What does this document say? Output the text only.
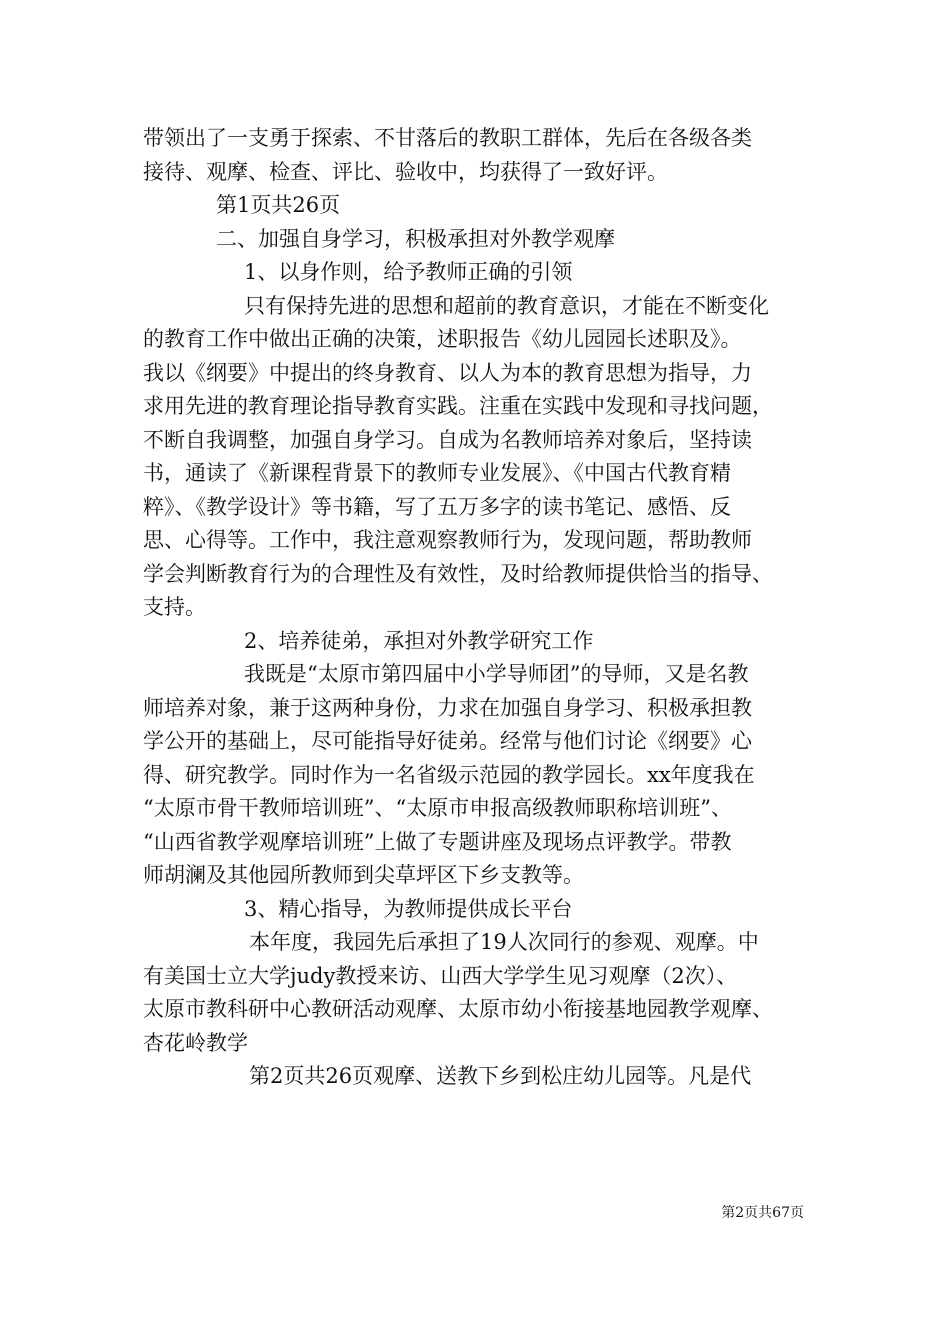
带领出了一支勇于探索、不甘落后的教职工群体，先后在各级各类
接待、观摩、检查、评比、验收中，均获得了一致好评。
第1页共26页
二、加强自身学习，积极承担对外教学观摩
1、以身作则，给予教师正确的引领
只有保持先进的思想和超前的教育意识，才能在不断变化
的教育工作中做出正确的决策，述职报告《幼儿园园长述职及》。
我以《纲要》中提出的终身教育、以人为本的教育思想为指导，力
求用先进的教育理论指导教育实践。注重在实践中发现和寻找问题，
不断自我调整，加强自身学习。自成为名教师培养对象后，坚持读
书，通读了《新课程背景下的教师专业发展》、《中国古代教育精
粹》、《教学设计》等书籍，写了五万多字的读书笔记、感悟、反
思、心得等。工作中，我注意观察教师行为，发现问题，帮助教师
学会判断教育行为的合理性及有效性，及时给教师提供恰当的指导、
支持。
2、培养徒弟，承担对外教学研究工作
我既是“太原市第四届中小学导师团”的导师，又是名教
师培养对象，兼于这两种身份，力求在加强自身学习、积极承担教
学公开的基础上，尽可能指导好徒弟。经常与他们讨论《纲要》心
得、研究教学。同时作为一名省级示范园的教学园长。xx年度我在
“太原市骨干教师培训班”、“太原市申报高级教师职称培训班”、
“山西省教学观摩培训班”上做了专题讲座及现场点评教学。带教
师胡澜及其他园所教师到尖草坪区下乡支教等。
3、精心指导，为教师提供成长平台
本年度，我园先后承担了19人次同行的参观、观摩。中
有美国士立大学judy教授来访、山西大学学生见习观摩（2次）、
太原市教科研中心教研活动观摩、太原市幼小衔接基地园教学观摩、
杏花岭教学
第2页共26页观摩、送教下乡到松庄幼儿园等。凡是代
第2页共67页
